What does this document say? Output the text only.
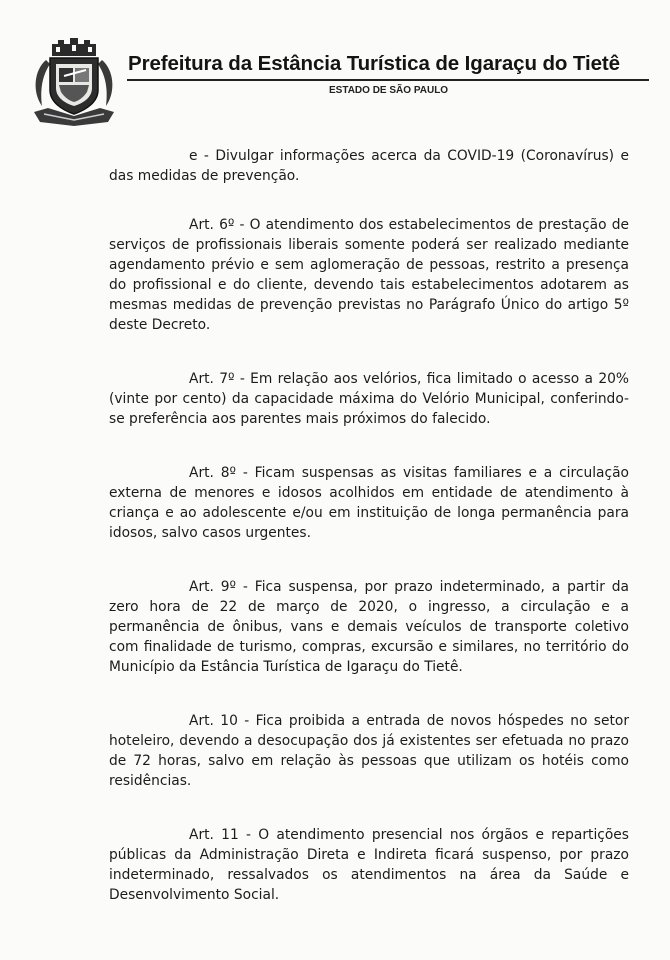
Prefeitura da Estância Turística de Igaraçu do Tietê
ESTADO DE SÃO PAULO

e - Divulgar informações acerca da COVID-19 (Coronavírus) e das medidas de prevenção.

Art. 6º - O atendimento dos estabelecimentos de prestação de serviços de profissionais liberais somente poderá ser realizado mediante agendamento prévio e sem aglomeração de pessoas, restrito a presença do profissional e do cliente, devendo tais estabelecimentos adotarem as mesmas medidas de prevenção previstas no Parágrafo Único do artigo 5º deste Decreto.

Art. 7º - Em relação aos velórios, fica limitado o acesso a 20% (vinte por cento) da capacidade máxima do Velório Municipal, conferindo-se preferência aos parentes mais próximos do falecido.

Art. 8º - Ficam suspensas as visitas familiares e a circulação externa de menores e idosos acolhidos em entidade de atendimento à criança e ao adolescente e/ou em instituição de longa permanência para idosos, salvo casos urgentes.

Art. 9º - Fica suspensa, por prazo indeterminado, a partir da zero hora de 22 de março de 2020, o ingresso, a circulação e a permanência de ônibus, vans e demais veículos de transporte coletivo com finalidade de turismo, compras, excursão e similares, no território do Município da Estância Turística de Igaraçu do Tietê.

Art. 10 - Fica proibida a entrada de novos hóspedes no setor hoteleiro, devendo a desocupação dos já existentes ser efetuada no prazo de 72 horas, salvo em relação às pessoas que utilizam os hotéis como residências.

Art. 11 - O atendimento presencial nos órgãos e repartições públicas da Administração Direta e Indireta ficará suspenso, por prazo indeterminado, ressalvados os atendimentos na área da Saúde e Desenvolvimento Social.
